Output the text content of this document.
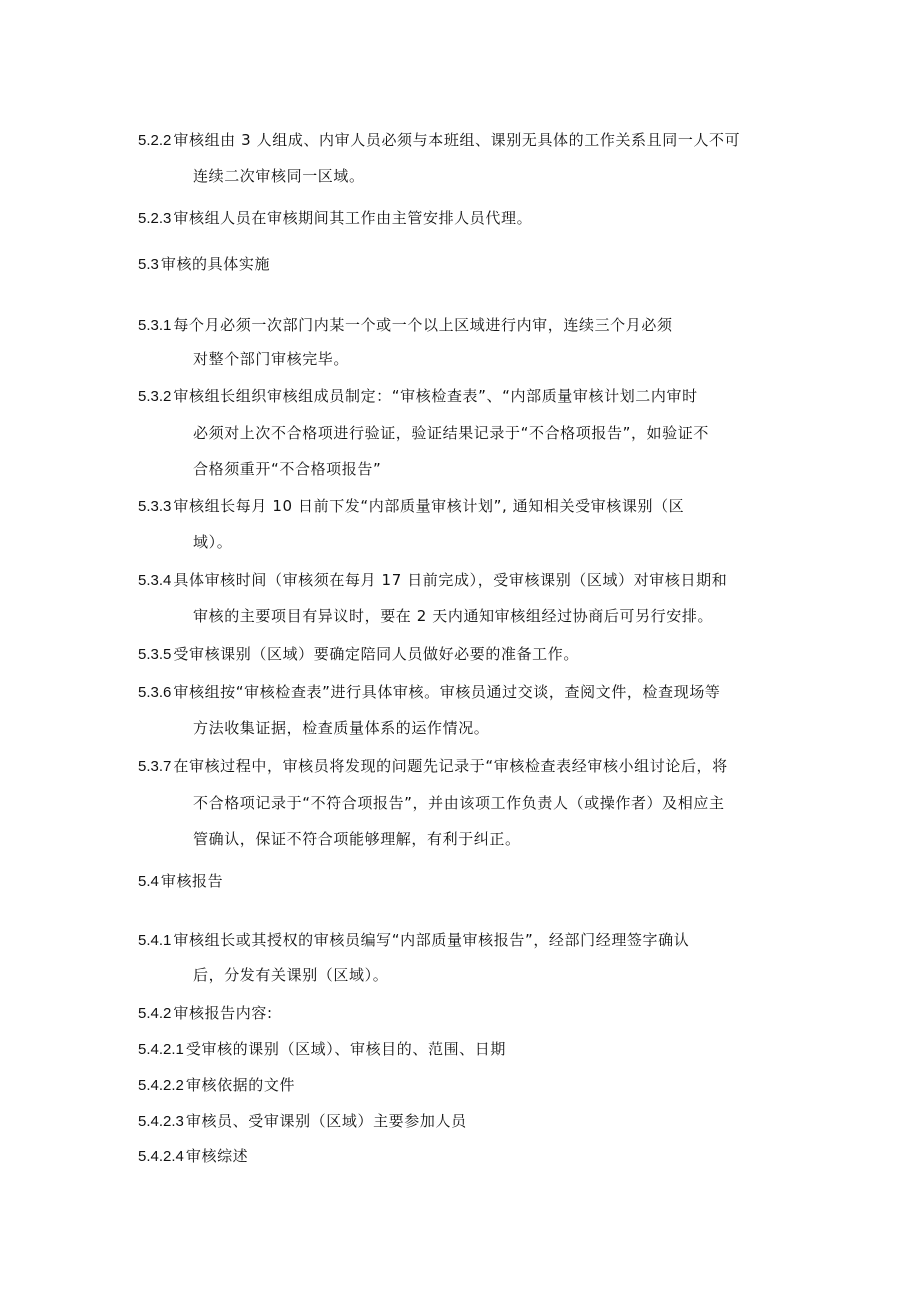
5.2.2 审核组由 3 人组成、内审人员必须与本班组、课别无具体的工作关系且同一人不可
连续二次审核同一区域。
5.2.3 审核组人员在审核期间其工作由主管安排人员代理。
5.3 审核的具体实施
5.3.1 每个月必须一次部门内某一个或一个以上区域进行内审，连续三个月必须
对整个部门审核完毕。
5.3.2 审核组长组织审核组成员制定：“审核检查表”、“内部质量审核计划二内审时
必须对上次不合格项进行验证，验证结果记录于“不合格项报告”，如验证不
合格须重开“不合格项报告”
5.3.3 审核组长每月 10 日前下发“内部质量审核计划”, 通知相关受审核课别（区
域）。
5.3.4 具体审核时间（审核须在每月 17 日前完成），受审核课别（区域）对审核日期和
审核的主要项目有异议时，要在 2 天内通知审核组经过协商后可另行安排。
5.3.5 受审核课别（区域）要确定陪同人员做好必要的准备工作。
5.3.6 审核组按“审核检查表”进行具体审核。审核员通过交谈，查阅文件，检查现场等
方法收集证据，检查质量体系的运作情况。
5.3.7 在审核过程中，审核员将发现的问题先记录于“审核检查表经审核小组讨论后，将
不合格项记录于“不符合项报告”，并由该项工作负责人（或操作者）及相应主
管确认，保证不符合项能够理解，有利于纠正。
5.4 审核报告
5.4.1 审核组长或其授权的审核员编写“内部质量审核报告”，经部门经理签字确认
后，分发有关课别（区域）。
5.4.2 审核报告内容:
5.4.2.1 受审核的课别（区域）、审核目的、范围、日期
5.4.2.2 审核依据的文件
5.4.2.3 审核员、受审课别（区域）主要参加人员
5.4.2.4 审核综述
